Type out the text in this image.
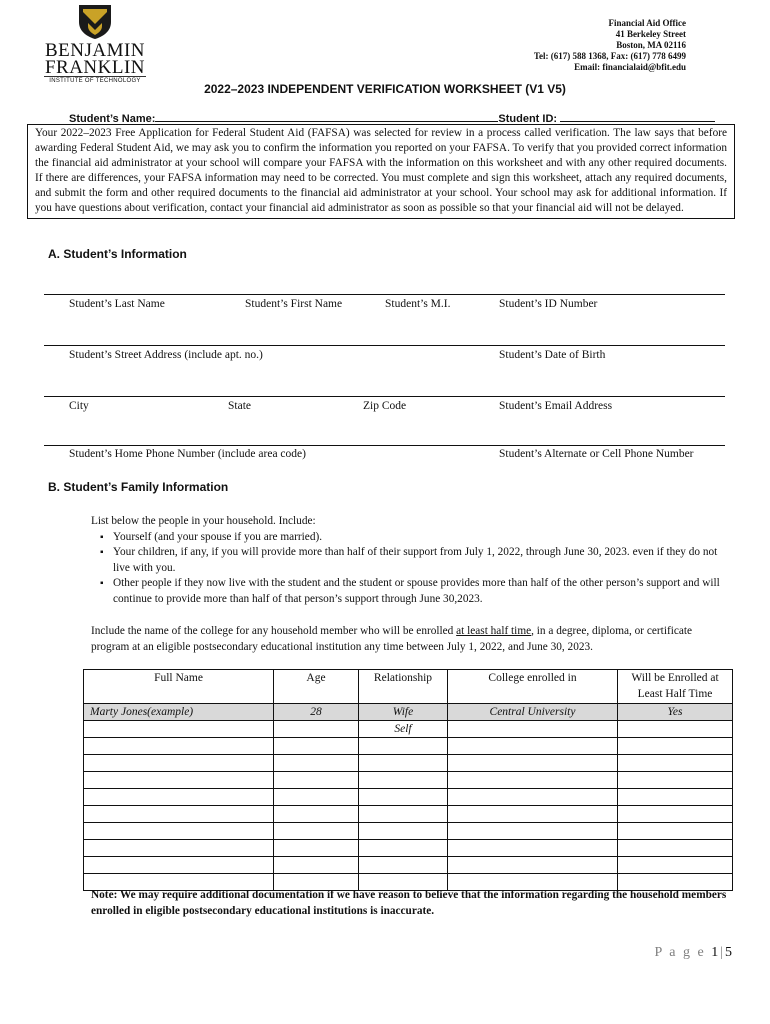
BENJAMIN
FRANKLIN
INSTITUTE OF TECHNOLOGY
Financial Aid Office
41 Berkeley Street
Boston, MA 02116
Tel: (617) 588 1368, Fax: (617) 778 6499
Email: financialaid@bfit.edu
2022–2023 INDEPENDENT VERIFICATION WORKSHEET (V1 V5)
Student’s Name:	Student ID:
Your 2022–2023 Free Application for Federal Student Aid (FAFSA) was selected for review in a process called verification. The law says that before awarding Federal Student Aid, we may ask you to confirm the information you reported on your FAFSA. To verify that you provided correct information the financial aid administrator at your school will compare your FAFSA with the information on this worksheet and with any other required documents. If there are differences, your FAFSA information may need to be corrected. You must complete and sign this worksheet, attach any required documents, and submit the form and other required documents to the financial aid administrator at your school. Your school may ask for additional information. If you have questions about verification, contact your financial aid administrator as soon as possible so that your financial aid will not be delayed.
A. Student’s Information
Student’s Last Name	Student’s First Name	Student’s M.I.	Student’s ID Number
Student’s Street Address (include apt. no.)	Student’s Date of Birth
City	State	Zip Code	Student’s Email Address
Student’s Home Phone Number (include area code)	Student’s Alternate or Cell Phone Number
B. Student’s Family Information
List below the people in your household. Include:
▪ Yourself (and your spouse if you are married).
▪ Your children, if any, if you will provide more than half of their support from July 1, 2022, through June 30, 2023. even if they do not live with you.
▪ Other people if they now live with the student and the student or spouse provides more than half of the other person’s support and will continue to provide more than half of that person’s support through June 30,2023.
Include the name of the college for any household member who will be enrolled at least half time, in a degree, diploma, or certificate program at an eligible postsecondary educational institution any time between July 1, 2022, and June 30, 2023.
Full Name	Age	Relationship	College enrolled in	Will be Enrolled at Least Half Time
Marty Jones(example)	28	Wife	Central University	Yes
		Self		

Note: We may require additional documentation if we have reason to believe that the information regarding the household members enrolled in eligible postsecondary educational institutions is inaccurate.
P a g e 1|5
